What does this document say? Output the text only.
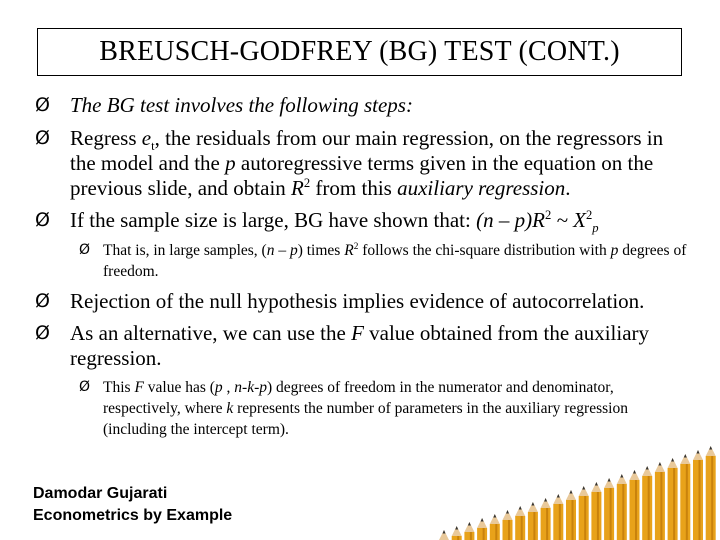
BREUSCH-GODFREY (BG) TEST (CONT.)
Ø The BG test involves the following steps:
Ø Regress $e_t$, the residuals from our main regression, on the regressors in the model and the p autoregressive terms given in the equation on the previous slide, and obtain $R^2$ from this auxiliary regression.
Ø If the sample size is large, BG have shown that: $(n - p)R^2$ ~ $X^2_p$
Ø That is, in large samples, (n – p) times $R^2$ follows the chi-square distribution with p degrees of freedom.
Ø Rejection of the null hypothesis implies evidence of autocorrelation.
Ø As an alternative, we can use the F value obtained from the auxiliary regression.
Ø This F value has (p , n-k-p) degrees of freedom in the numerator and denominator, respectively, where k represents the number of parameters in the auxiliary regression (including the intercept term).
Damodar Gujarati
Econometrics by Example
